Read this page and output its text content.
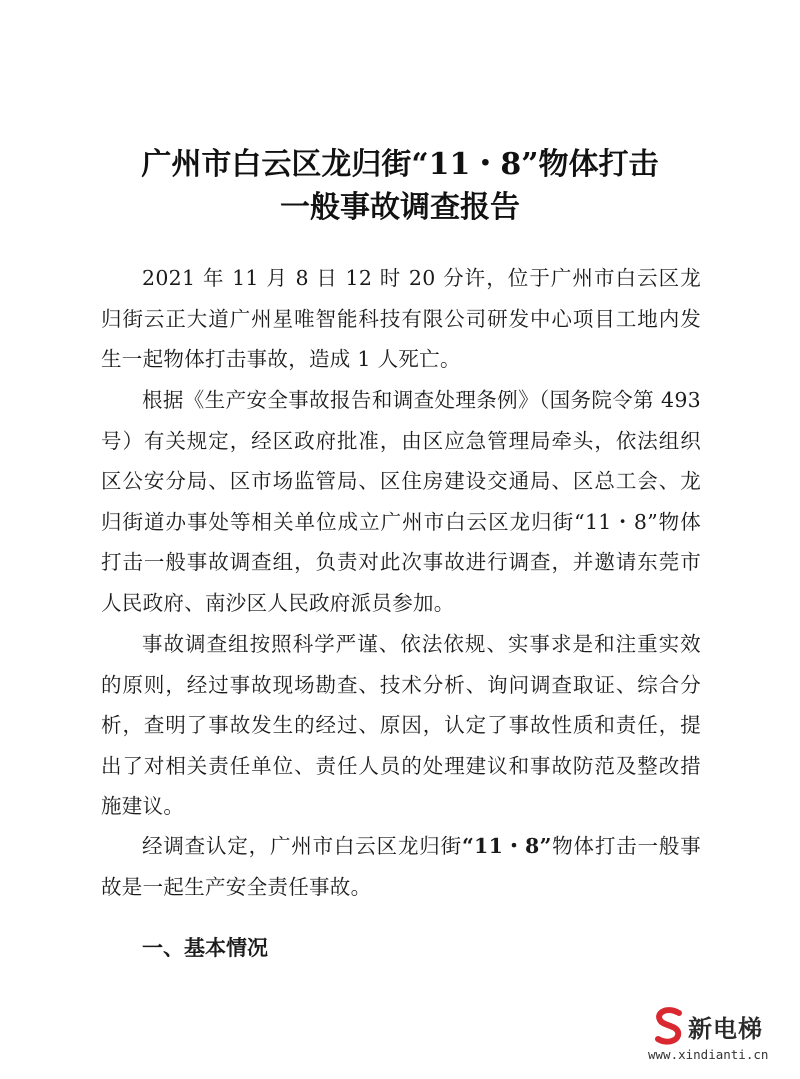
广州市白云区龙归街“11・8”物体打击
一般事故调查报告

2021 年 11 月 8 日 12 时 20 分许，位于广州市白云区龙归街云正大道广州星唯智能科技有限公司研发中心项目工地内发生一起物体打击事故，造成 1 人死亡。

根据《生产安全事故报告和调查处理条例》（国务院令第 493 号）有关规定，经区政府批准，由区应急管理局牵头，依法组织区公安分局、区市场监管局、区住房建设交通局、区总工会、龙归街道办事处等相关单位成立广州市白云区龙归街“11・8”物体打击一般事故调查组，负责对此次事故进行调查，并邀请东莞市人民政府、南沙区人民政府派员参加。

事故调查组按照科学严谨、依法依规、实事求是和注重实效的原则，经过事故现场勘查、技术分析、询问调查取证、综合分析，查明了事故发生的经过、原因，认定了事故性质和责任，提出了对相关责任单位、责任人员的处理建议和事故防范及整改措施建议。

经调查认定，广州市白云区龙归街“11・8”物体打击一般事故是一起生产安全责任事故。

一、基本情况
新电梯
www.xindianti.cn
